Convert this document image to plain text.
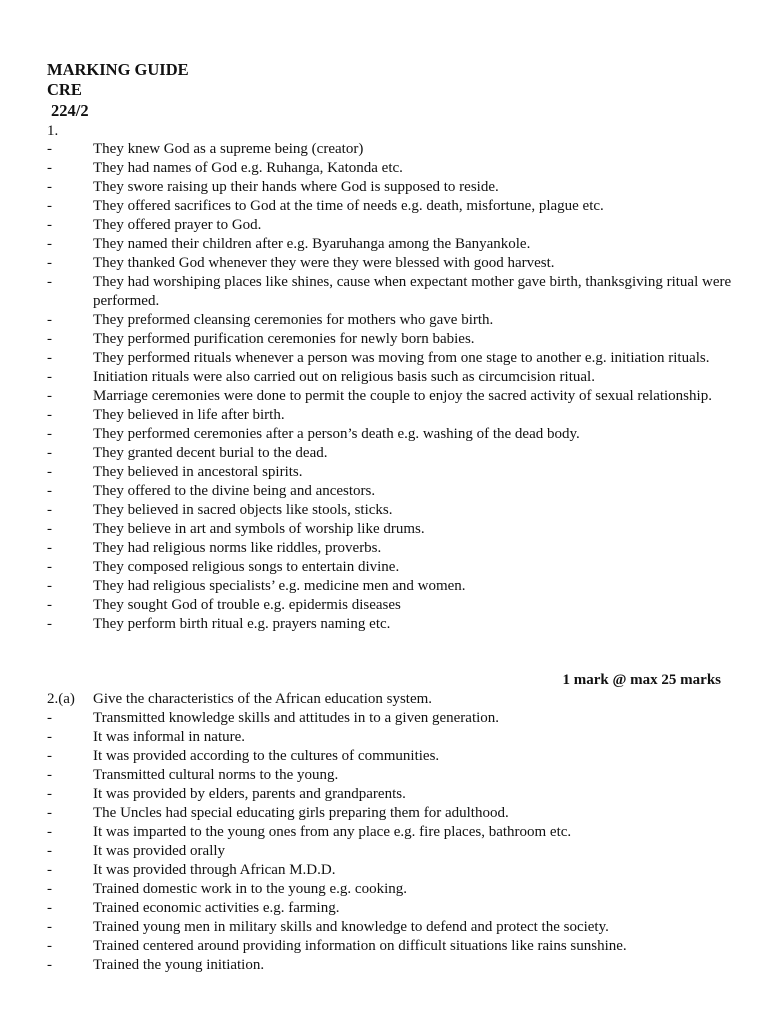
MARKING GUIDE
CRE
224/2
1.
-	They knew God as a supreme being (creator)
-	They had names of God e.g. Ruhanga, Katonda etc.
-	They swore raising up their hands where God is supposed to reside.
-	They offered sacrifices to God at the time of needs e.g. death, misfortune, plague etc.
-	They offered prayer to God.
-	They named their children after e.g. Byaruhanga among the Banyankole.
-	They thanked God whenever they were they were blessed with good harvest.
-	They had worshiping places like shines, cause when expectant mother gave birth, thanksgiving ritual were performed.
-	They preformed cleansing ceremonies for mothers who gave birth.
-	They performed purification ceremonies for newly born babies.
-	They performed rituals whenever a person was moving from one stage to another e.g. initiation rituals.
-	Initiation rituals were also carried out on religious basis such as circumcision ritual.
-	Marriage ceremonies were done to permit the couple to enjoy the sacred activity of sexual relationship.
-	They believed in life after birth.
-	They performed ceremonies after a person’s death e.g. washing of the dead body.
-	They granted decent burial to the dead.
-	They believed in ancestoral spirits.
-	They offered to the divine being and ancestors.
-	They believed in sacred objects like stools, sticks.
-	They believe in art and symbols of worship like drums.
-	They had religious norms like riddles, proverbs.
-	They composed religious songs to entertain divine.
-	They had religious specialists’ e.g. medicine men and women.
-	They sought God of trouble e.g. epidermis diseases
-	They perform birth ritual e.g. prayers naming etc.
1 mark @ max 25 marks
2.(a)	Give the characteristics of the African education system.
-	Transmitted knowledge skills and attitudes in to a given generation.
-	It was informal in nature.
-	It was provided according to the cultures of communities.
-	Transmitted cultural norms to the young.
-	It was provided by elders, parents and grandparents.
-	The Uncles had special educating girls preparing them for adulthood.
-	It was imparted to the young ones from any place e.g. fire places, bathroom etc.
-	It was provided orally
-	It was provided through African M.D.D.
-	Trained domestic work in to the young e.g. cooking.
-	Trained economic activities e.g. farming.
-	Trained young men in military skills and knowledge to defend and protect the society.
-	Trained centered around providing information on difficult situations like rains sunshine.
-	Trained the young initiation.
